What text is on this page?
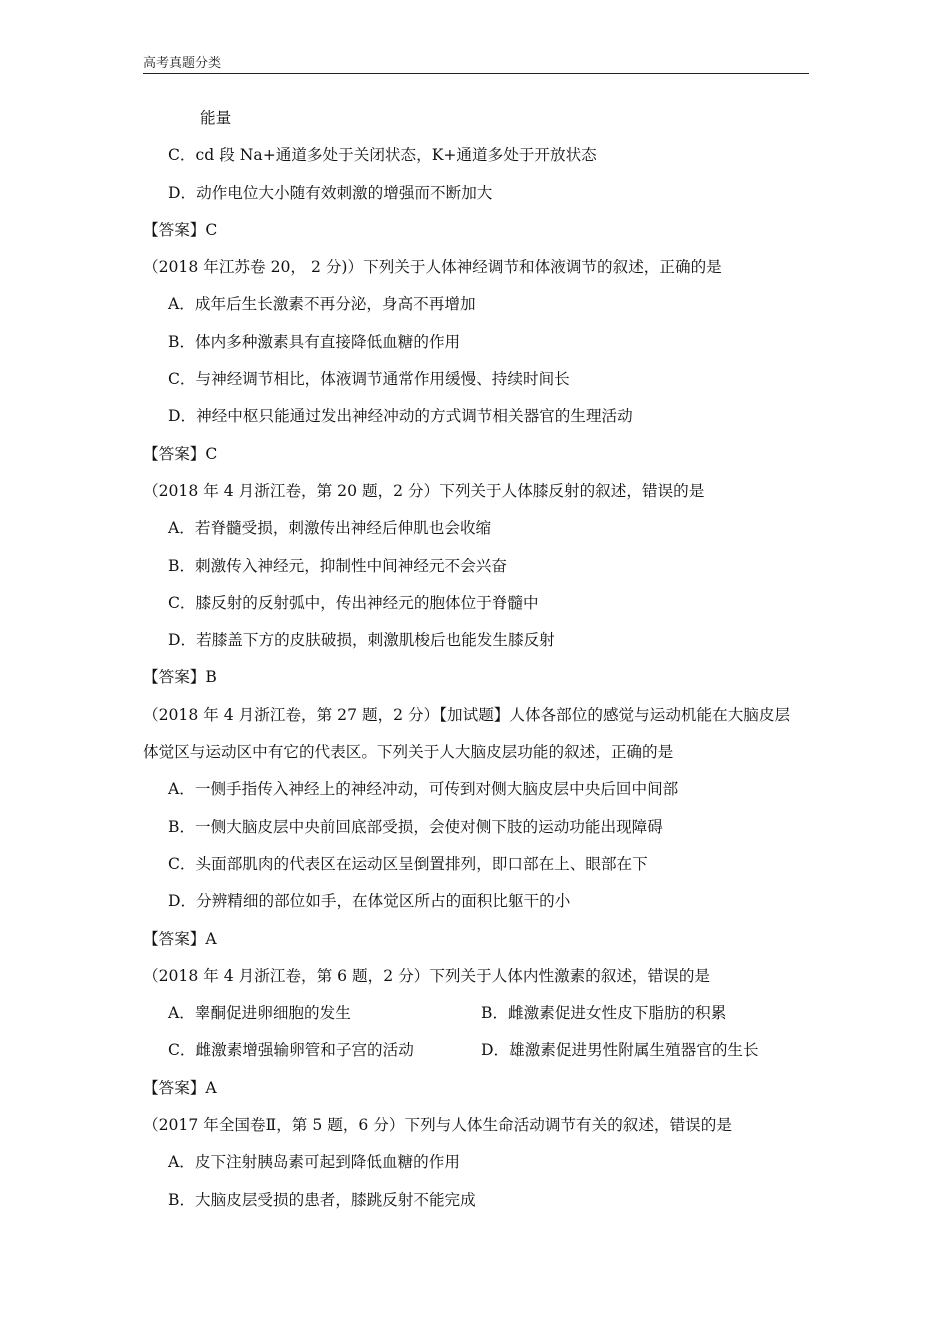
高考真题分类
能量
C．cd 段 Na+通道多处于关闭状态，K+通道多处于开放状态
D．动作电位大小随有效刺激的增强而不断加大
【答案】C
（2018 年江苏卷 20， 2 分)）下列关于人体神经调节和体液调节的叙述，正确的是
A．成年后生长激素不再分泌，身高不再增加
B．体内多种激素具有直接降低血糖的作用
C．与神经调节相比，体液调节通常作用缓慢、持续时间长
D．神经中枢只能通过发出神经冲动的方式调节相关器官的生理活动
【答案】C
（2018 年 4 月浙江卷，第 20 题，2 分）下列关于人体膝反射的叙述，错误的是
A．若脊髓受损，刺激传出神经后伸肌也会收缩
B．刺激传入神经元，抑制性中间神经元不会兴奋
C．膝反射的反射弧中，传出神经元的胞体位于脊髓中
D．若膝盖下方的皮肤破损，刺激肌梭后也能发生膝反射
【答案】B
（2018 年 4 月浙江卷，第 27 题，2 分）【加试题】人体各部位的感觉与运动机能在大脑皮层
体觉区与运动区中有它的代表区。下列关于人大脑皮层功能的叙述，正确的是
A．一侧手指传入神经上的神经冲动，可传到对侧大脑皮层中央后回中间部
B．一侧大脑皮层中央前回底部受损，会使对侧下肢的运动功能出现障碍
C．头面部肌肉的代表区在运动区呈倒置排列，即口部在上、眼部在下
D．分辨精细的部位如手，在体觉区所占的面积比躯干的小
【答案】A
（2018 年 4 月浙江卷，第 6 题，2 分）下列关于人体内性激素的叙述，错误的是
A．睾酮促进卵细胞的发生	B．雌激素促进女性皮下脂肪的积累
C．雌激素增强输卵管和子宫的活动	D．雄激素促进男性附属生殖器官的生长
【答案】A
（2017 年全国卷Ⅱ，第 5 题，6 分）下列与人体生命活动调节有关的叙述，错误的是
A．皮下注射胰岛素可起到降低血糖的作用
B．大脑皮层受损的患者，膝跳反射不能完成
